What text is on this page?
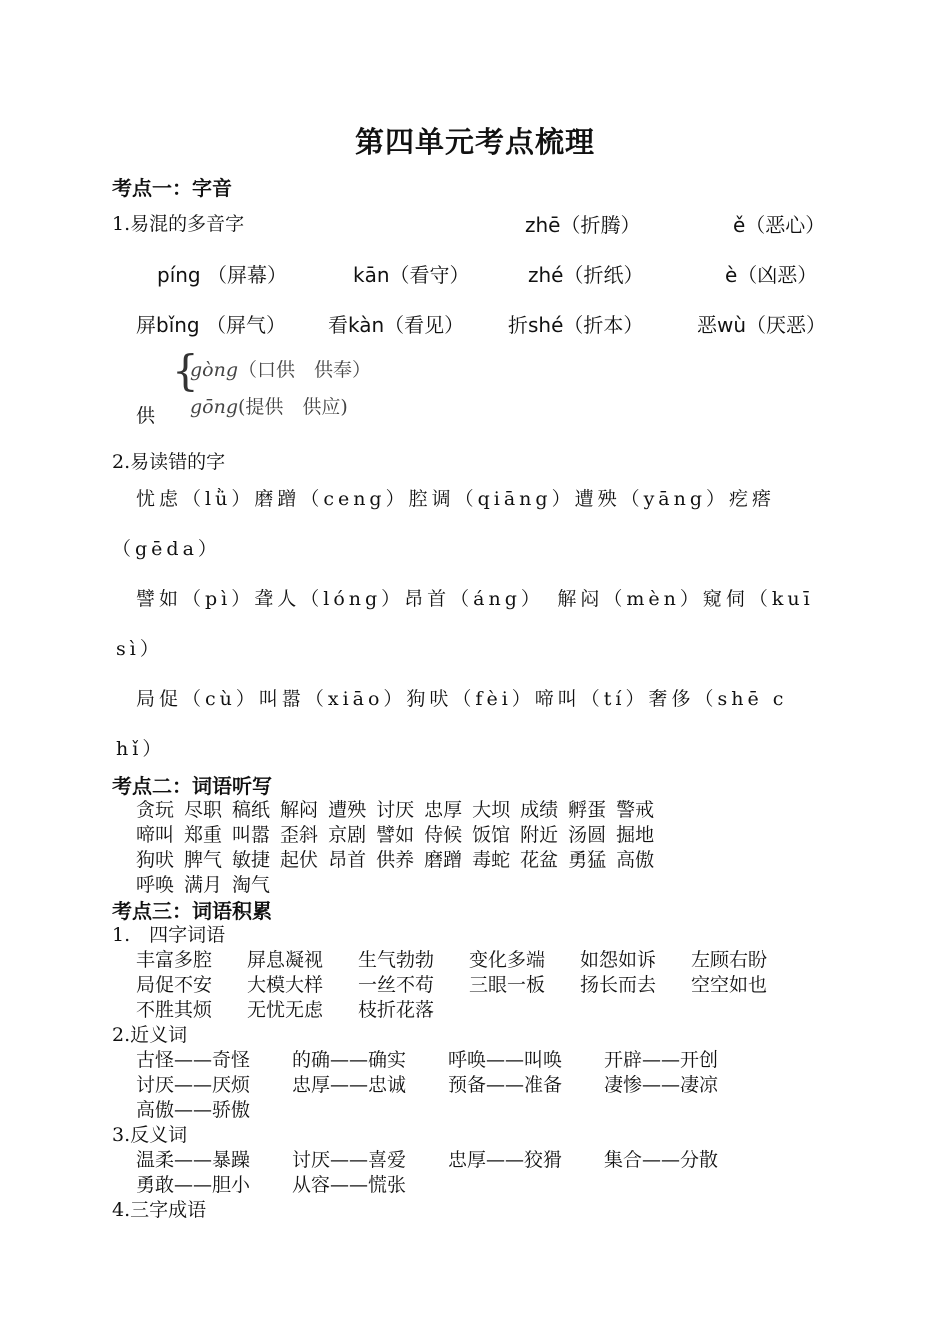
第四单元考点梳理
考点一：字音
1.易混的多音字	zhē（折腾）	ě（恶心）
píng （屏幕）	kān（看守）	zhé（折纸）	è（凶恶）
屏bǐng （屏气） 看kàn（看见） 折shé（折本）	恶wù（厌恶）
供
{
gòng（口供　供奉）
gōng(提供　供应)
2.易读错的字
忧虑（lǜ）磨蹭（ceng）腔调（qiāng）遭殃（yāng）疙瘩
（gēda）
譬如（pì）聋人（lóng）昂首（áng）　解闷（mèn）窥伺（kuī
sì）
局促（cù）叫嚣（xiāo）狗吠（fèi）啼叫（tí）奢侈（shē c
hǐ）
考点二：词语听写
贪玩 尽职 稿纸 解闷 遭殃 讨厌 忠厚 大坝 成绩 孵蛋 警戒
啼叫 郑重 叫嚣 歪斜 京剧 譬如 侍候 饭馆 附近 汤圆 掘地
狗吠 脾气 敏捷 起伏 昂首 供养 磨蹭 毒蛇 花盆 勇猛 高傲
呼唤 满月 淘气
考点三：词语积累
1.　四字词语
丰富多腔 屏息凝视 生气勃勃 变化多端 如怨如诉 左顾右盼
局促不安 大模大样 一丝不苟 三眼一板 扬长而去 空空如也
不胜其烦 无忧无虑 枝折花落
2.近义词
古怪——奇怪 的确——确实 呼唤——叫唤 开辟——开创
讨厌——厌烦 忠厚——忠诚 预备——准备 凄惨——凄凉
高傲——骄傲
3.反义词
温柔——暴躁 讨厌——喜爱 忠厚——狡猾 集合——分散
勇敢——胆小 从容——慌张
4.三字成语
